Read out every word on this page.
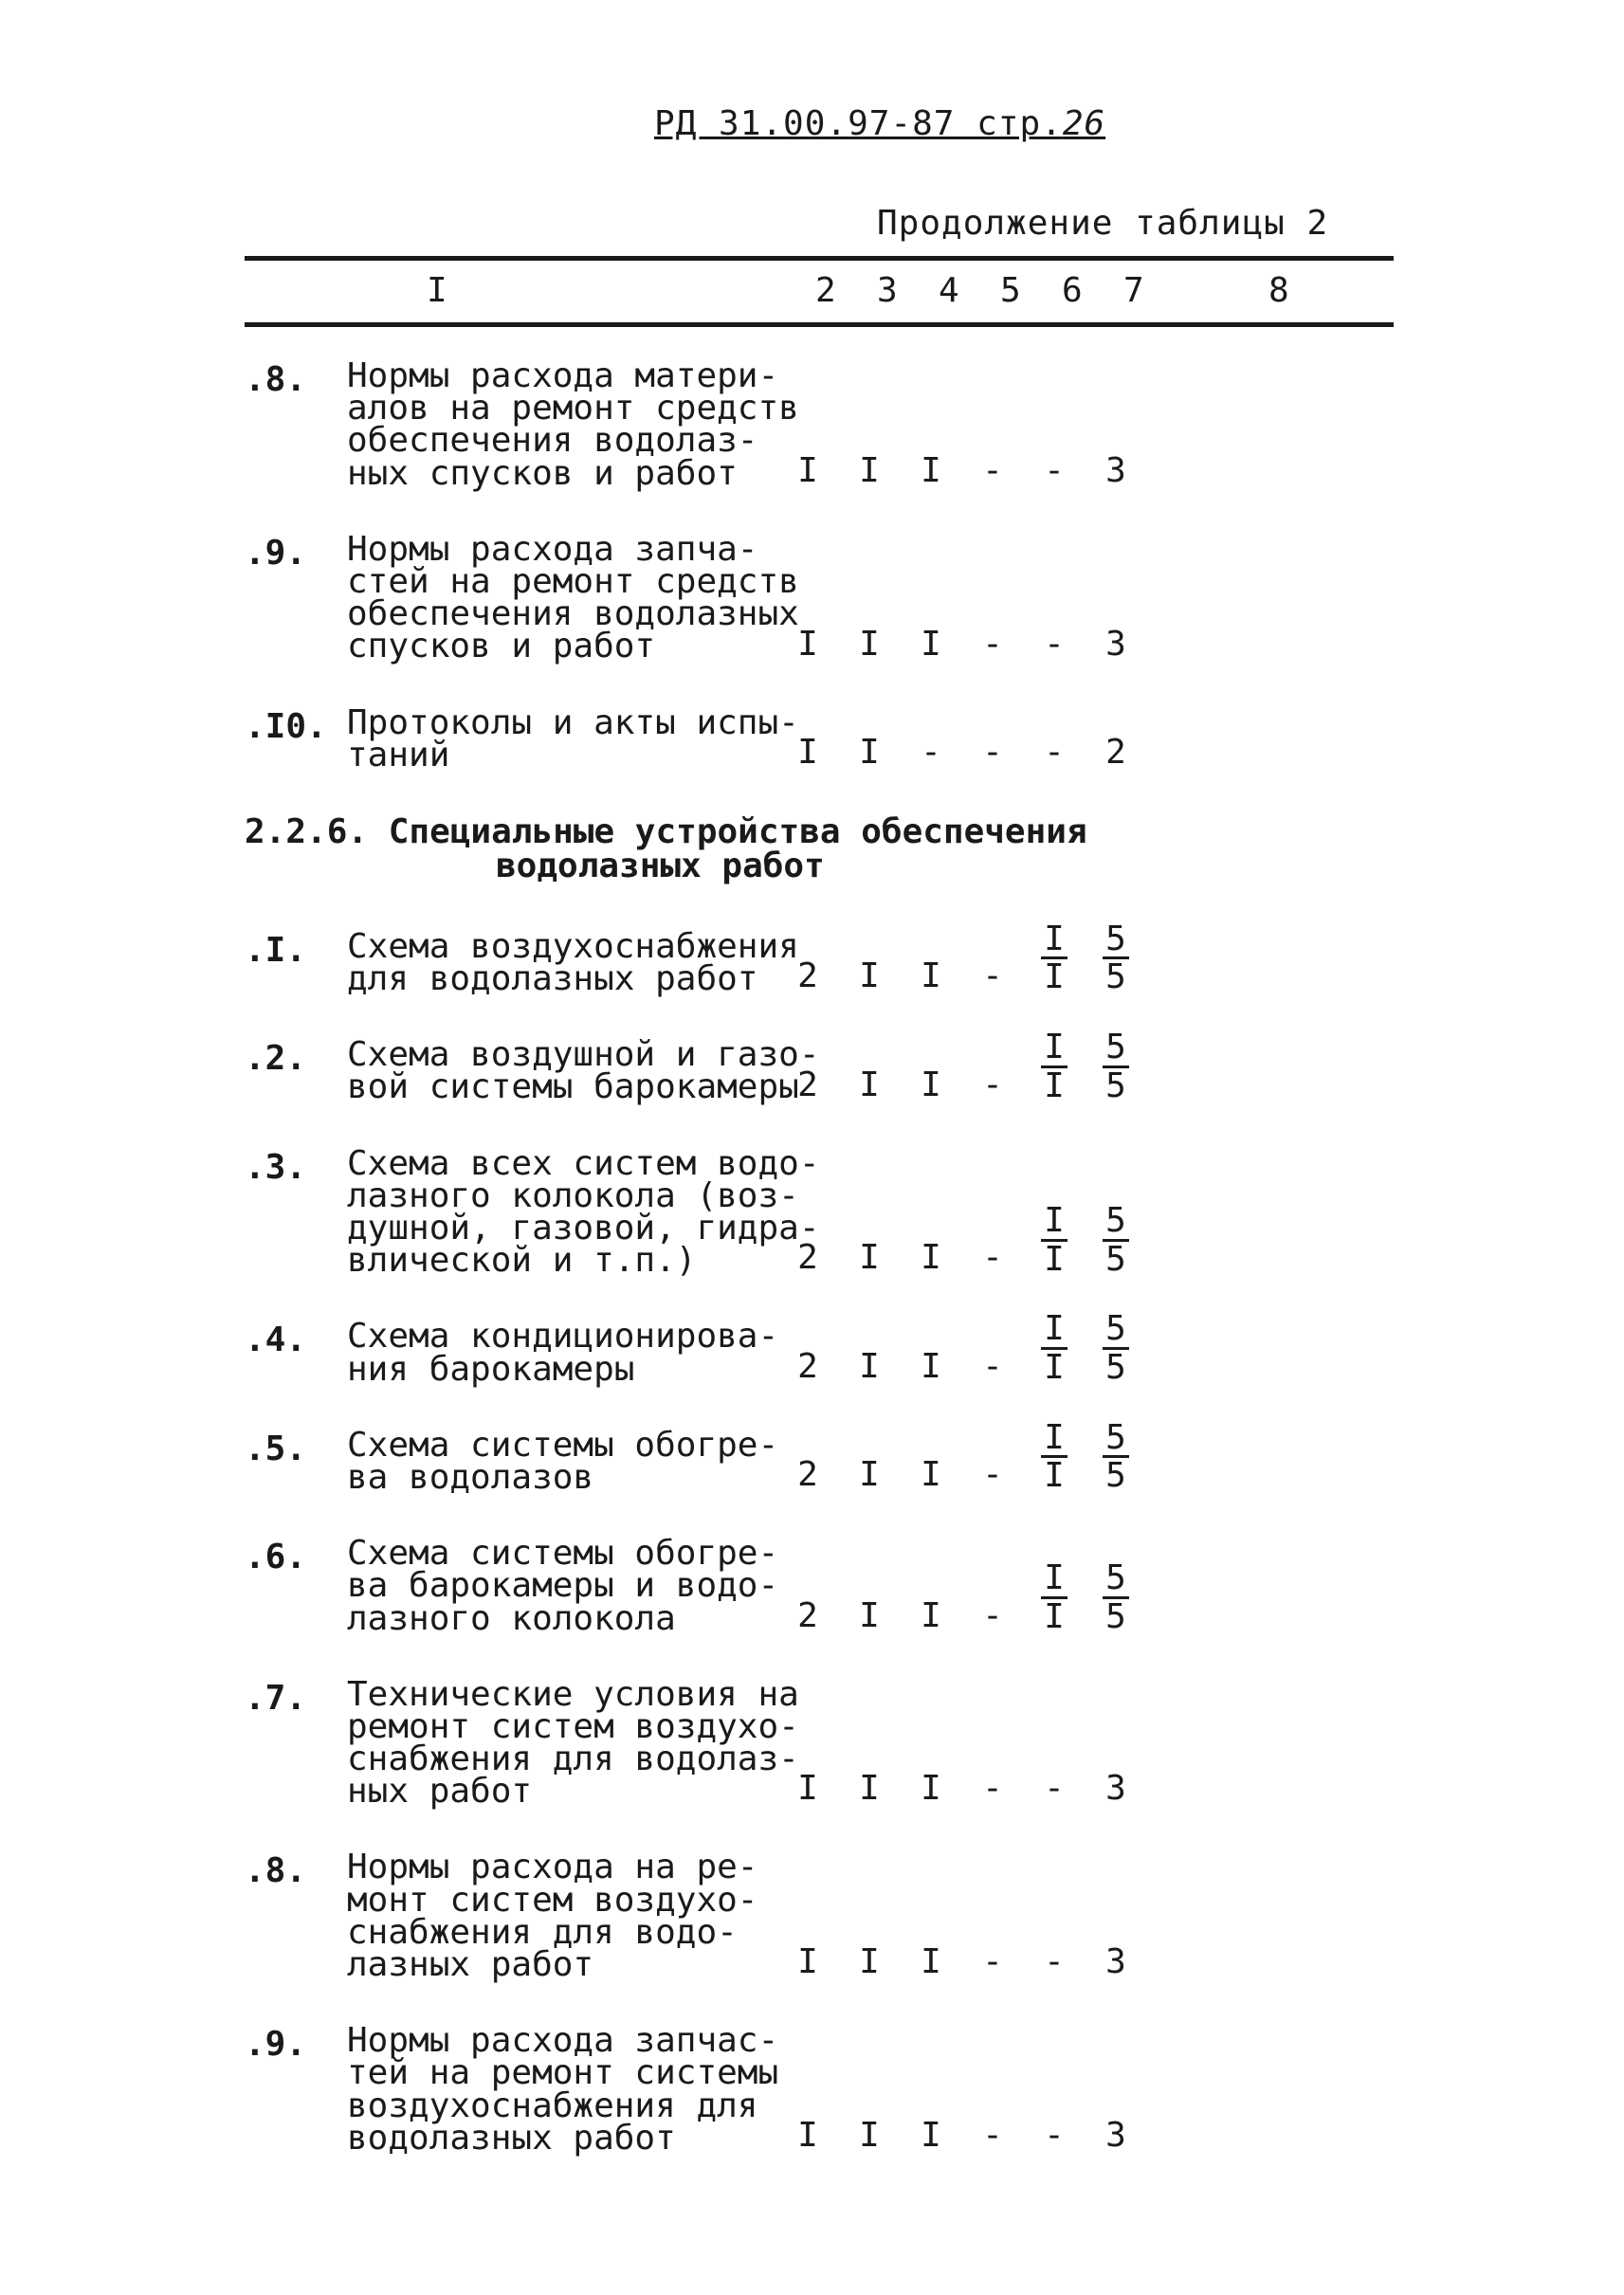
РД 31.00.97-87 стр.26
Продолжение таблицы 2
I	2 3 4 5 6 7	8
.8. Нормы расхода матери-
алов на ремонт средств
обеспечения водолаз-
ных спусков и работ	I I I - - 3
.9. Нормы расхода запча-
стей на ремонт средств
обеспечения водолазных
спусков и работ	I I I - - 3
.I0. Протоколы и акты испы-
таний	I I - - - 2
2.2.6. Специальные устройства обеспечения
водолазных работ
.I. Схема воздухоснабжения
для водолазных работ	2 I I - $\frac{I}{I} \frac{5}{5}$
.2. Схема воздушной и газо-
вой системы барокамеры
2 I I - $\frac{I}{I} \frac{5}{5}$
.3. Схема всех систем водо-
лазного колокола (воз-
душной, газовой, гидра-
влической и т.п.)	2 I I - $\frac{I}{I} \frac{5}{5}$
.4. Схема кондиционирова-
ния барокамеры	2 I I - $\frac{I}{I} \frac{5}{5}$
.5. Схема системы обогре-
ва водолазов	2 I I - $\frac{I}{I} \frac{5}{5}$
.6. Схема системы обогре-
ва барокамеры и водо-
лазного колокола	2 I I - $\frac{I}{I} \frac{5}{5}$
.7. Технические условия на
ремонт систем воздухо-
снабжения для водолаз-
ных работ	I I I - - 3
.8. Нормы расхода на ре-
монт систем воздухо-
снабжения для водо-
лазных работ	I I I - - 3
.9. Нормы расхода запчас-
тей на ремонт системы
воздухоснабжения для
водолазных работ	I I I - - 3
